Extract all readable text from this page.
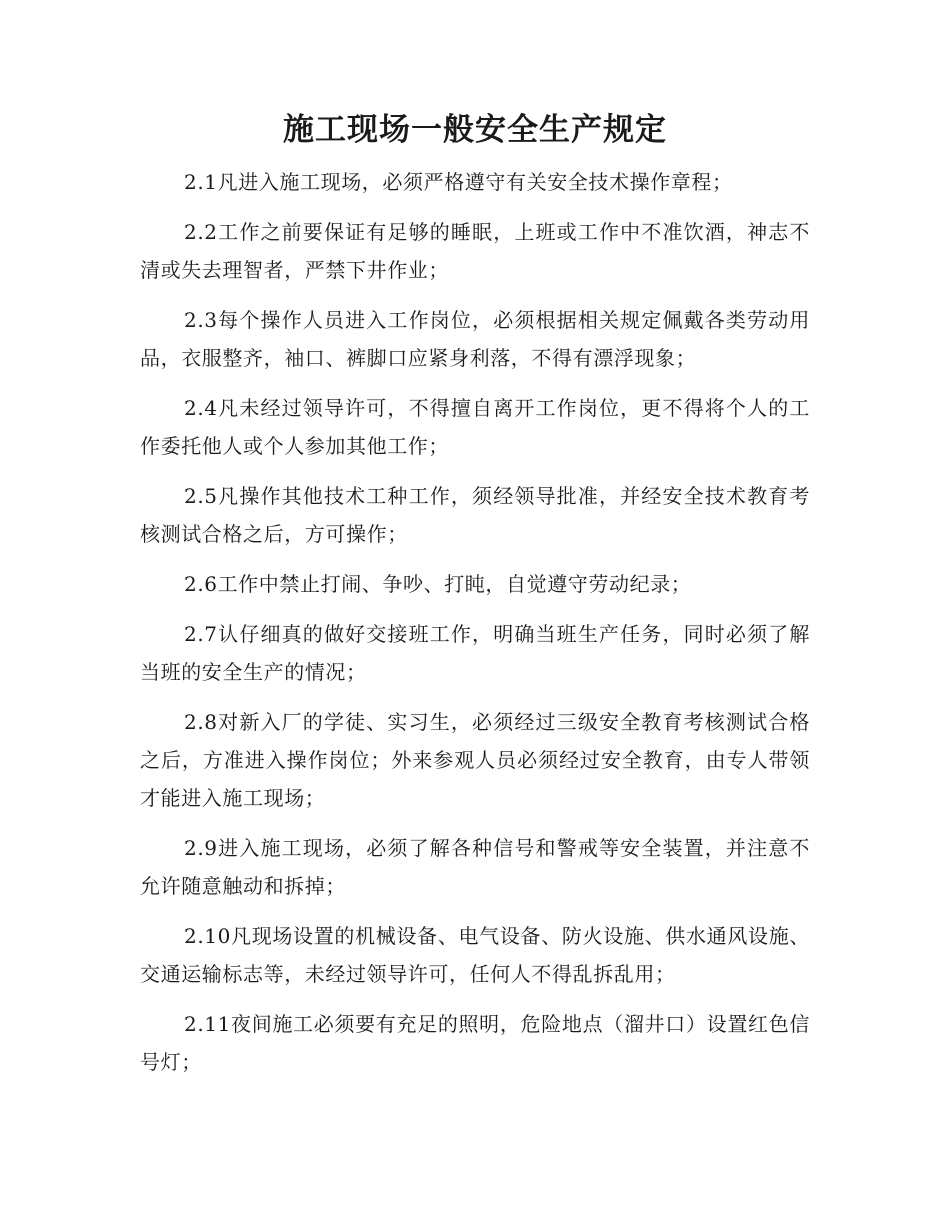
施工现场一般安全生产规定

2.1凡进入施工现场，必须严格遵守有关安全技术操作章程；

2.2工作之前要保证有足够的睡眠，上班或工作中不准饮酒，神志不清或失去理智者，严禁下井作业；

2.3每个操作人员进入工作岗位，必须根据相关规定佩戴各类劳动用品，衣服整齐，袖口、裤脚口应紧身利落，不得有漂浮现象；

2.4凡未经过领导许可，不得擅自离开工作岗位，更不得将个人的工作委托他人或个人参加其他工作；

2.5凡操作其他技术工种工作，须经领导批准，并经安全技术教育考核测试合格之后，方可操作；

2.6工作中禁止打闹、争吵、打盹，自觉遵守劳动纪录；

2.7认仔细真的做好交接班工作，明确当班生产任务，同时必须了解当班的安全生产的情况；

2.8对新入厂的学徒、实习生，必须经过三级安全教育考核测试合格之后，方准进入操作岗位；外来参观人员必须经过安全教育，由专人带领才能进入施工现场；

2.9进入施工现场，必须了解各种信号和警戒等安全装置，并注意不允许随意触动和拆掉；

2.10凡现场设置的机械设备、电气设备、防火设施、供水通风设施、交通运输标志等，未经过领导许可，任何人不得乱拆乱用；

2.11夜间施工必须要有充足的照明，危险地点（溜井口）设置红色信号灯；
